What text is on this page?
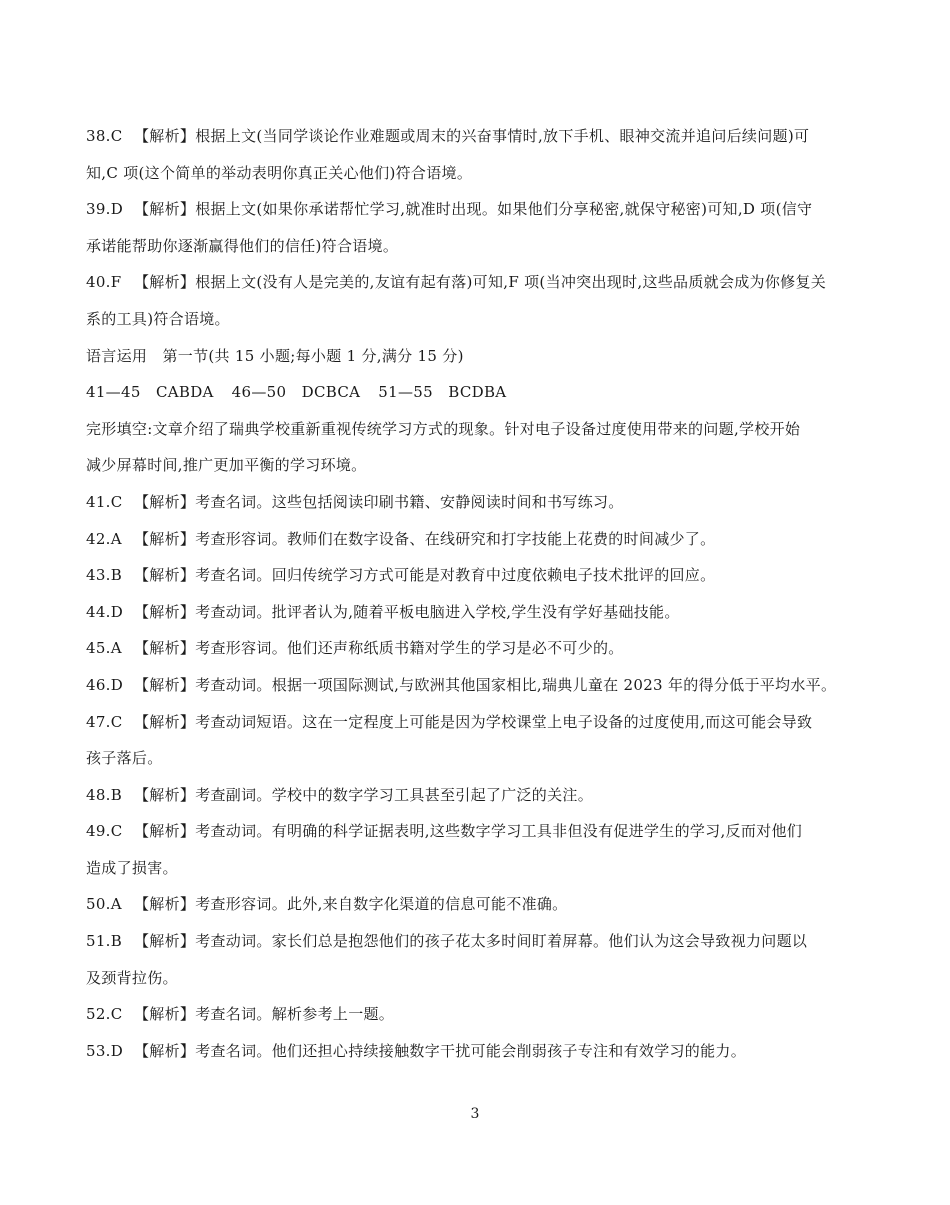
38.C 【解析】根据上文(当同学谈论作业难题或周末的兴奋事情时,放下手机、眼神交流并追问后续问题)可
知,C 项(这个简单的举动表明你真正关心他们)符合语境。
39.D 【解析】根据上文(如果你承诺帮忙学习,就准时出现。如果他们分享秘密,就保守秘密)可知,D 项(信守
承诺能帮助你逐渐赢得他们的信任)符合语境。
40.F 【解析】根据上文(没有人是完美的,友谊有起有落)可知,F 项(当冲突出现时,这些品质就会成为你修复关
系的工具)符合语境。
语言运用　第一节(共 15 小题;每小题 1 分,满分 15 分)
41—45　CABDA 46—50　DCBCA 51—55　BCDBA
完形填空:文章介绍了瑞典学校重新重视传统学习方式的现象。针对电子设备过度使用带来的问题,学校开始
减少屏幕时间,推广更加平衡的学习环境。
41.C 【解析】考查名词。这些包括阅读印刷书籍、安静阅读时间和书写练习。
42.A 【解析】考查形容词。教师们在数字设备、在线研究和打字技能上花费的时间减少了。
43.B 【解析】考查名词。回归传统学习方式可能是对教育中过度依赖电子技术批评的回应。
44.D 【解析】考查动词。批评者认为,随着平板电脑进入学校,学生没有学好基础技能。
45.A 【解析】考查形容词。他们还声称纸质书籍对学生的学习是必不可少的。
46.D 【解析】考查动词。根据一项国际测试,与欧洲其他国家相比,瑞典儿童在 2023 年的得分低于平均水平。
47.C 【解析】考查动词短语。这在一定程度上可能是因为学校课堂上电子设备的过度使用,而这可能会导致
孩子落后。
48.B 【解析】考查副词。学校中的数字学习工具甚至引起了广泛的关注。
49.C 【解析】考查动词。有明确的科学证据表明,这些数字学习工具非但没有促进学生的学习,反而对他们
造成了损害。
50.A 【解析】考查形容词。此外,来自数字化渠道的信息可能不准确。
51.B 【解析】考查动词。家长们总是抱怨他们的孩子花太多时间盯着屏幕。他们认为这会导致视力问题以
及颈背拉伤。
52.C 【解析】考查名词。解析参考上一题。
53.D 【解析】考查名词。他们还担心持续接触数字干扰可能会削弱孩子专注和有效学习的能力。
3
